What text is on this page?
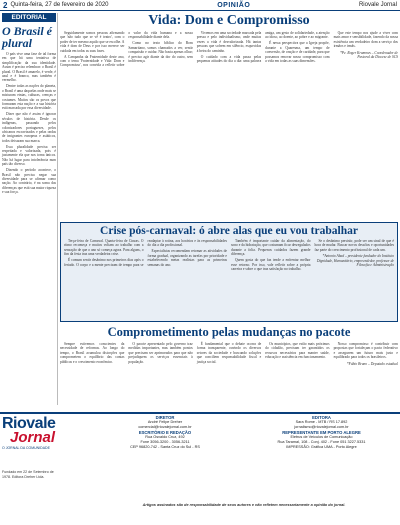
2 Quinta-feira, 27 de fevereiro de 2020	OPINIÃO	Riovale Jornal
EDITORIAL
O Brasil é plural

O país vive uma fase de tal forma em que há uma tentativa de simplificação da sua identidade. Assim é preciso relembrar: o Brasil é plural. O Brasil é amarelo, é verde, é azul e é branco, mas também é vermelho.

Dentre todas as nações do planeta, o Brasil é uma daquelas onde mais se misturam etnias, culturas, crenças e costumes. Muitos são os povos que formaram esta nação e a sua história está marcada por essa diversidade.

Dizer que não é assim é ignorar séculos de história. Desde os indígenas, passando pelos colonizadores portugueses, pelos africanos escravizados e pelas ondas de imigrantes europeus e asiáticos, todos deixaram sua marca.

Essa pluralidade precisa ser respeitada e valorizada, pois é justamente ela que nos torna únicos. Não há lugar para intolerância num país tão diverso.

Dizendo o período acontece, o Brasil não precisa negar sua diversidade para se afirmar como nação. Ao contrário, é na soma das diferenças que está sua maior riqueza e sua força.

Vida: Dom e Compromisso

Seguidamente somos pessoas afirmando que 'não tudo que se vê é teatro', com o poder de ter mesmo aquilo que se escolhe. A vida é dom de Deus e por isso merece ser cuidada em todas as suas fases.

A Campanha da Fraternidade deste ano, com o tema 'Fraternidade e Vida: Dom e Compromisso', nos convida a refletir sobre o valor da vida humana e a nossa responsabilidade diante dela.

Como no texto bíblico do Bom Samaritano, somos chamados a ver, sentir compaixão e cuidar. Não basta apenas olhar; é preciso agir diante da dor do outro, sem indiferença.

Vivemos em uma sociedade marcada pela pressa e pelo individualismo, onde muitas vezes a vida é desvalorizada. Há tantas pessoas que sofrem em silêncio, esquecidas à beira do caminho.

O cuidado com a vida passa pelas pequenas atitudes do dia a dia: uma palavra amiga, um gesto de solidariedade, a atenção ao idoso, ao doente, ao pobre e ao migrante.

É nessa perspectiva que a Igreja propõe, durante a Quaresma, um tempo de conversão, de oração e de caridade, para que possamos renovar nosso compromisso com a vida em todas as suas dimensões.

Que este tempo nos ajude a viver com mais amor e sensibilidade, fazendo da nossa existência um verdadeiro dom a serviço dos irmãos e irmãs.

*Pe. Roger Krammes – Coordenador de Pastoral da Diocese de SCS
Crise pós-carnaval: ó abre alas que eu vou trabalhar

Terça-feira de Carnaval. Quarta-feira de Cinzas. O ritmo recomeça e muitos voltam ao trabalho com a sensação de que o ano só começa agora. Para alguns, o fim da festa traz uma verdadeira crise.

É comum sentir desânimo nos primeiros dias após o feriado. O corpo e a mente precisam de tempo para se readaptar à rotina, aos horários e às responsabilidades do dia a dia profissional.

Especialistas recomendam retomar as atividades de forma gradual, organizando as tarefas por prioridade e estabelecendo metas realistas para as primeiras semanas do ano.

Também é importante cuidar da alimentação, do sono e da hidratação, que costumam ficar desregulados durante a folia. Pequenos cuidados fazem grande diferença.

Quem gosta do que faz tende a enfrentar melhor esse retorno. Por isso, vale refletir sobre a própria carreira e sobre o que traz satisfação no trabalho.

Se o desânimo persistir, pode ser um sinal de que é hora de mudar. Buscar novos desafios e oportunidades faz parte do crescimento profissional de cada um.

*Antonio Abad – presidente fundador do Instituto Dignidade, Humanitário, empreendedor, professor de Filosofia e Administração
Comprometimento pelas mudanças no pacote

Sempre estivemos conscientes da necessidade de reformas. Ao longo do tempo, o Brasil acumulou distorções que comprometem o equilíbrio das contas públicas e o crescimento econômico.

O pacote apresentado pelo governo traz medidas importantes, mas também pontos que precisam ser aprimorados para que não prejudiquem os serviços essenciais à população.

É fundamental que o debate ocorra de forma transparente, ouvindo os diversos setores da sociedade e buscando soluções que conciliem responsabilidade fiscal e justiça social.

Os municípios, que estão mais próximos do cidadão, precisam ter garantidos os recursos necessários para manter saúde, educação e assistência em funcionamento.

Nosso compromisso é contribuir com propostas que fortaleçam o pacto federativo e assegurem um futuro mais justo e equilibrado para todos os brasileiros.

*Fábio Bruno – Deputado estadual
Riovale
Jornal
O JORNAL DA COMUNIDADE
Fundado em 22 de Setembro de 1978. Editora Dreher Ltda.
DIRETOR
André Felipe Dreher
comercial@riovalejornal.com.br
ESCRITÓRIO E REDAÇÃO
Rua Osvaldo Cruz, 492
Fone 3056-3200 - 3056-3211
CEP 96820-742 - Santa Cruz do Sul - RS
EDITORA
Sara Rome - MTB / RS 17.892
jornalismo@riovalejornal.com.br
REPRESENTANTE EM PORTO ALEGRE
Eletrus de Veículos de Comunicação
Rua Taramal, 108 - Conj. 402 - Fone 051 3227.5331
IMPRESSÃO: Gráfica UMA - Porto Alegre
Artigos assinados são de responsabilidade de seus autores e não refletem necessariamente a opinião do jornal.
